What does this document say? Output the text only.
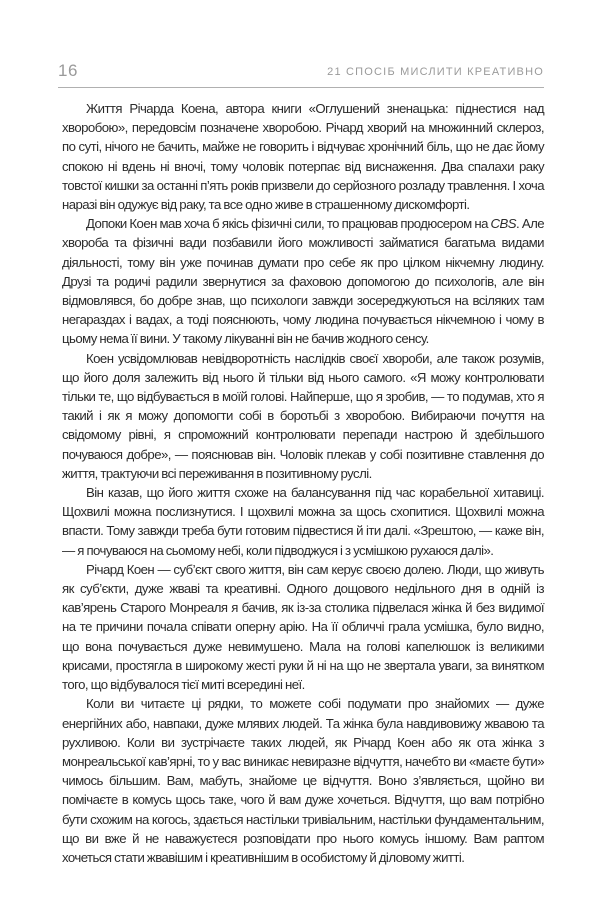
16	21 СПОСІБ МИСЛИТИ КРЕАТИВНО

Життя Річарда Коена, автора книги «Оглушений зненацька: піднестися над хворобою», передовсім позначене хворобою. Річард хворий на множинний склероз, по суті, нічого не бачить, майже не говорить і відчуває хронічний біль, що не дає йому спокою ні вдень ні вночі, тому чоловік потерпає від виснаження. Два спалахи раку товстої кишки за останні п’ять років призвели до серйозного розладу травлення. І хоча наразі він одужує від раку, та все одно живе в страшенному дискомфорті.

Допоки Коен мав хоча б якісь фізичні сили, то працював продюсером на CBS. Але хвороба та фізичні вади позбавили його можливості займатися багатьма видами діяльності, тому він уже починав думати про себе як про цілком нікчемну людину. Друзі та родичі радили звернутися за фаховою допомогою до психологів, але він відмовлявся, бо добре знав, що психологи завжди зосереджуються на всіляких там негараздах і вадах, а тоді пояснюють, чому людина почувається нікчемною і чому в цьому нема її вини. У такому лікуванні він не бачив жодного сенсу.

Коен усвідомлював невідворотність наслідків своєї хвороби, але також розумів, що його доля залежить від нього й тільки від нього самого. «Я можу контролювати тільки те, що відбувається в моїй голові. Найперше, що я зробив, — то подумав, хто я такий і як я можу допомогти собі в боротьбі з хворобою. Вибираючи почуття на свідомому рівні, я спроможний контролювати перепади настрою й здебільшого почуваюся добре», — пояснював він. Чоловік плекав у собі позитивне ставлення до життя, трактуючи всі переживання в позитивному руслі.

Він казав, що його життя схоже на балансування під час корабельної хитавиці. Щохвилі можна послизнутися. І щохвилі можна за щось схопитися. Щохвилі можна впасти. Тому завжди треба бути готовим підвестися й іти далі. «Зрештою, — каже він, — я почуваюся на сьомому небі, коли підводжуся і з усмішкою рухаюся далі».

Річард Коен — суб’єкт свого життя, він сам керує своєю долею. Люди, що живуть як суб’єкти, дуже жваві та креативні. Одного дощового недільного дня в одній із кав’ярень Старого Монреаля я бачив, як із-за столика підвелася жінка й без видимої на те причини почала співати оперну арію. На її обличчі грала усмішка, було видно, що вона почувається дуже невимушено. Мала на голові капелюшок із великими крисами, простягла в широкому жесті руки й ні на що не звертала уваги, за винятком того, що відбувалося тієї миті всередині неї.

Коли ви читаєте ці рядки, то можете собі подумати про знайомих — дуже енергійних або, навпаки, дуже млявих людей. Та жінка була навдивовижу жвавою та рухливою. Коли ви зустрічаєте таких людей, як Річард Коен або як ота жінка з монреальської кав’ярні, то у вас виникає невиразне відчуття, начебто ви «маєте бути» чимось більшим. Вам, мабуть, знайоме це відчуття. Воно з’являється, щойно ви помічаєте в комусь щось таке, чого й вам дуже хочеться. Відчуття, що вам потрібно бути схожим на когось, здається настільки тривіальним, настільки фундаментальним, що ви вже й не наважуєтеся розповідати про нього комусь іншому. Вам раптом хочеться стати жвавішим і креативнішим в особистому й діловому житті.
